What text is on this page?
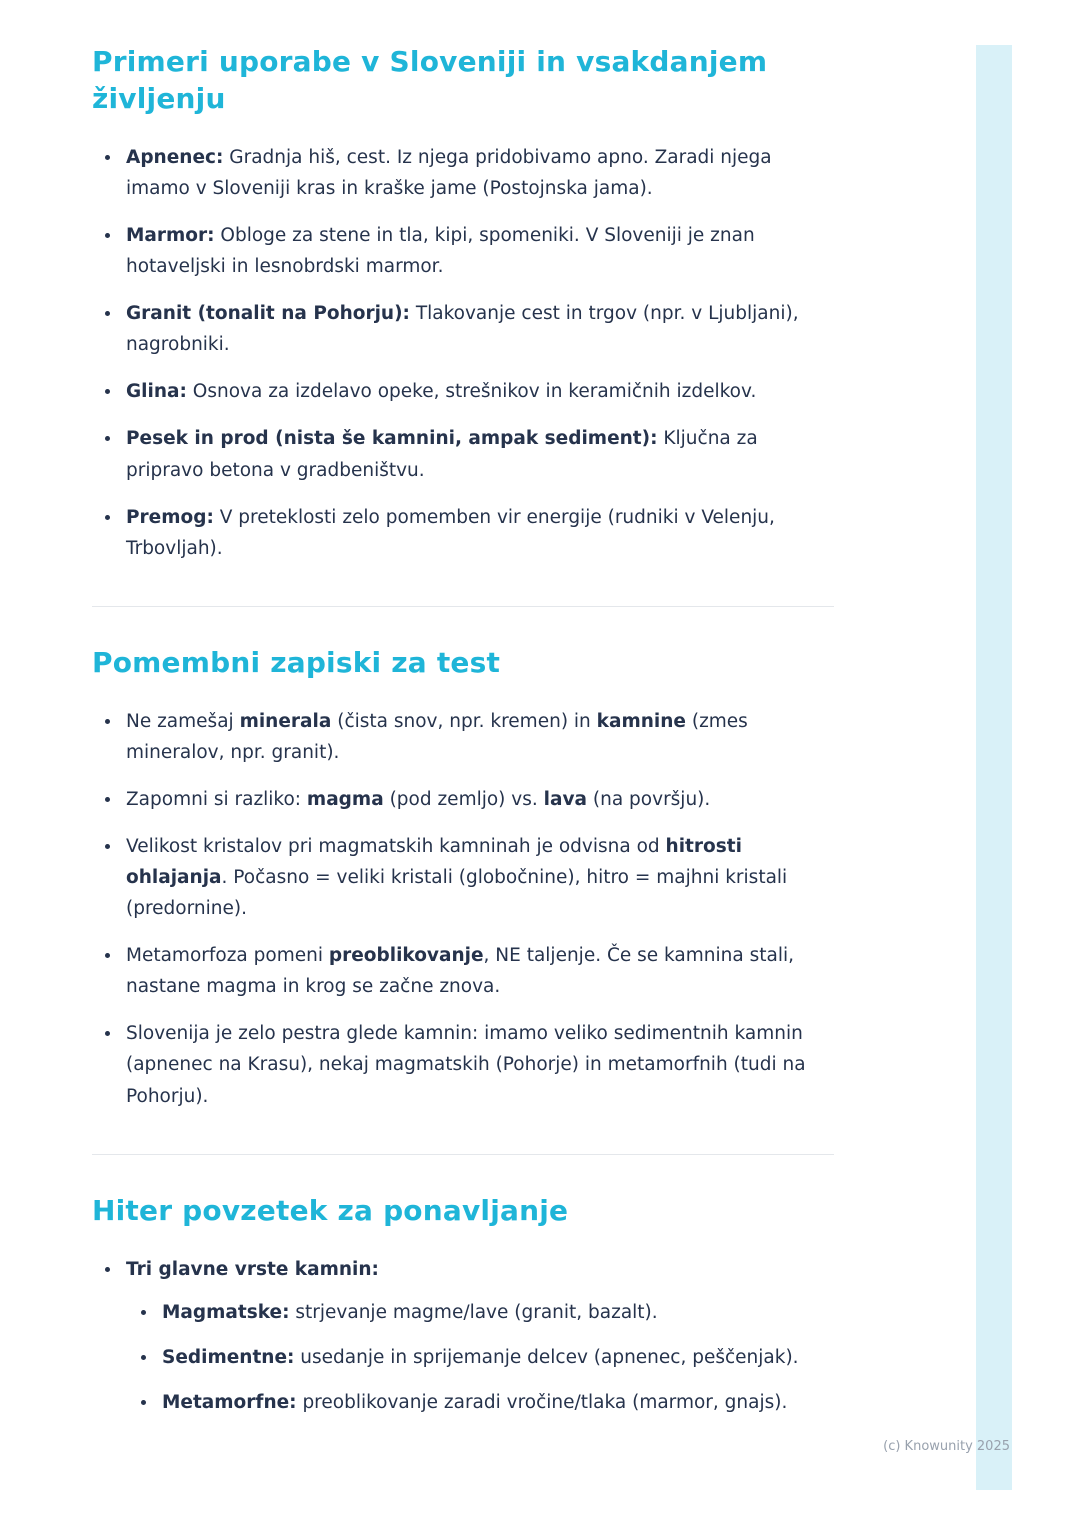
Primeri uporabe v Sloveniji in vsakdanjem življenju
• Apnenec: Gradnja hiš, cest. Iz njega pridobivamo apno. Zaradi njega imamo v Sloveniji kras in kraške jame (Postojnska jama).
• Marmor: Obloge za stene in tla, kipi, spomeniki. V Sloveniji je znan hotaveljski in lesnobrdski marmor.
• Granit (tonalit na Pohorju): Tlakovanje cest in trgov (npr. v Ljubljani), nagrobniki.
• Glina: Osnova za izdelavo opeke, strešnikov in keramičnih izdelkov.
• Pesek in prod (nista še kamnini, ampak sediment): Ključna za pripravo betona v gradbeništvu.
• Premog: V preteklosti zelo pomemben vir energije (rudniki v Velenju, Trbovljah).
Pomembni zapiski za test
• Ne zamešaj minerala (čista snov, npr. kremen) in kamnine (zmes mineralov, npr. granit).
• Zapomni si razliko: magma (pod zemljo) vs. lava (na površju).
• Velikost kristalov pri magmatskih kamninah je odvisna od hitrosti ohlajanja. Počasno = veliki kristali (globočnine), hitro = majhni kristali (predornine).
• Metamorfoza pomeni preoblikovanje, NE taljenje. Če se kamnina stali, nastane magma in krog se začne znova.
• Slovenija je zelo pestra glede kamnin: imamo veliko sedimentnih kamnin (apnenec na Krasu), nekaj magmatskih (Pohorje) in metamorfnih (tudi na Pohorju).
Hiter povzetek za ponavljanje
• Tri glavne vrste kamnin:
• Magmatske: strjevanje magme/lave (granit, bazalt).
• Sedimentne: usedanje in sprijemanje delcev (apnenec, peščenjak).
• Metamorfne: preoblikovanje zaradi vročine/tlaka (marmor, gnajs).
(c) Knowunity 2025
